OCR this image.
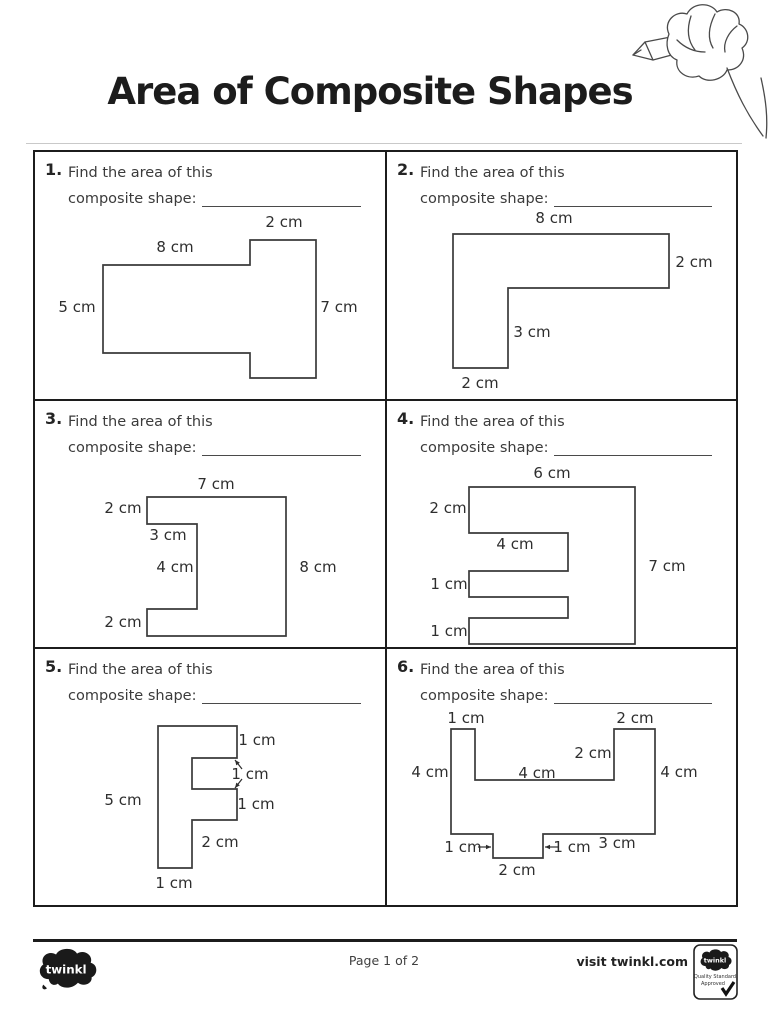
Area of Composite Shapes
1. Find the area of this
composite shape:
2 cm
8 cm
5 cm	7 cm
2. Find the area of this
composite shape:
8 cm
2 cm
3 cm
2 cm
3. Find the area of this
composite shape:
7 cm
2 cm
3 cm
4 cm
2 cm
8 cm
4. Find the area of this
composite shape:
6 cm
2 cm
4 cm
1 cm
1 cm
7 cm
5. Find the area of this
composite shape:
1 cm
1 cm
1 cm
2 cm
5 cm
1 cm
6. Find the area of this
composite shape:
1 cm	2 cm
2 cm
4 cm	4 cm	4 cm
1 cm	1 cm 3 cm
2 cm
twinkl
Page 1 of 2	visit twinkl.com twinkl
Quality Standard
Approved
